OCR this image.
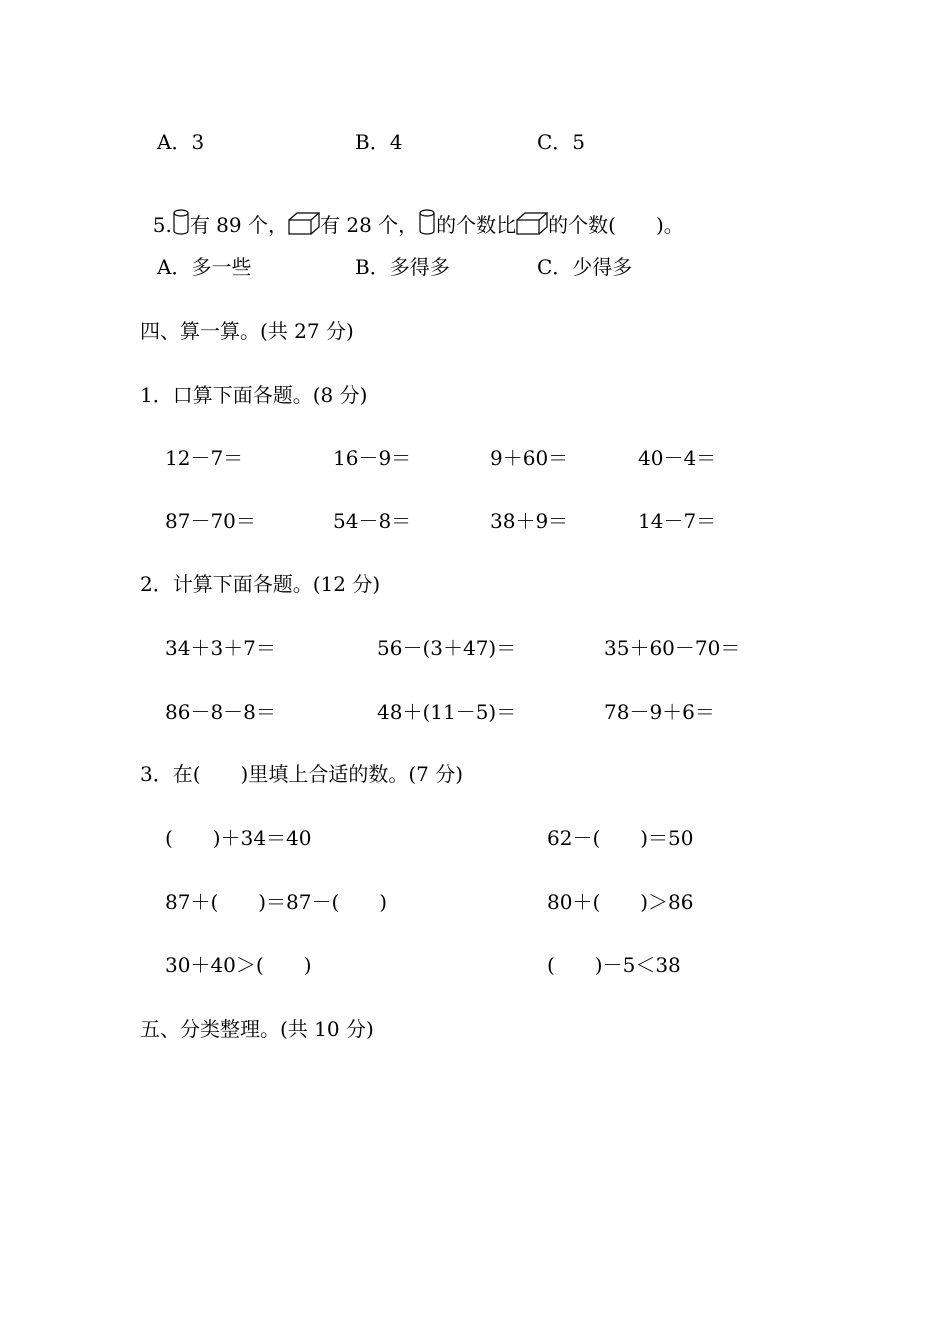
A．3	B．4	C．5

5. 有 89 个， 有 28 个， 的个数比 的个数(　　)。

A．多一些	B．多得多	C．少得多
四、算一算。(共 27 分)
1．口算下面各题。(8 分)
12－7＝	16－9＝	9＋60＝	40－4＝
87－70＝	54－8＝	38＋9＝	14－7＝
2．计算下面各题。(12 分)
34＋3＋7＝	56－(3＋47)＝	35＋60－70＝
86－8－8＝	48＋(11－5)＝	78－9＋6＝
3．在(　　)里填上合适的数。(7 分)
(　　)＋34＝40	62－(　　)＝50
87＋(　　)＝87－(　　)	80＋(　　)＞86
30＋40＞(　　)	(　　)－5＜38
五、分类整理。(共 10 分)
